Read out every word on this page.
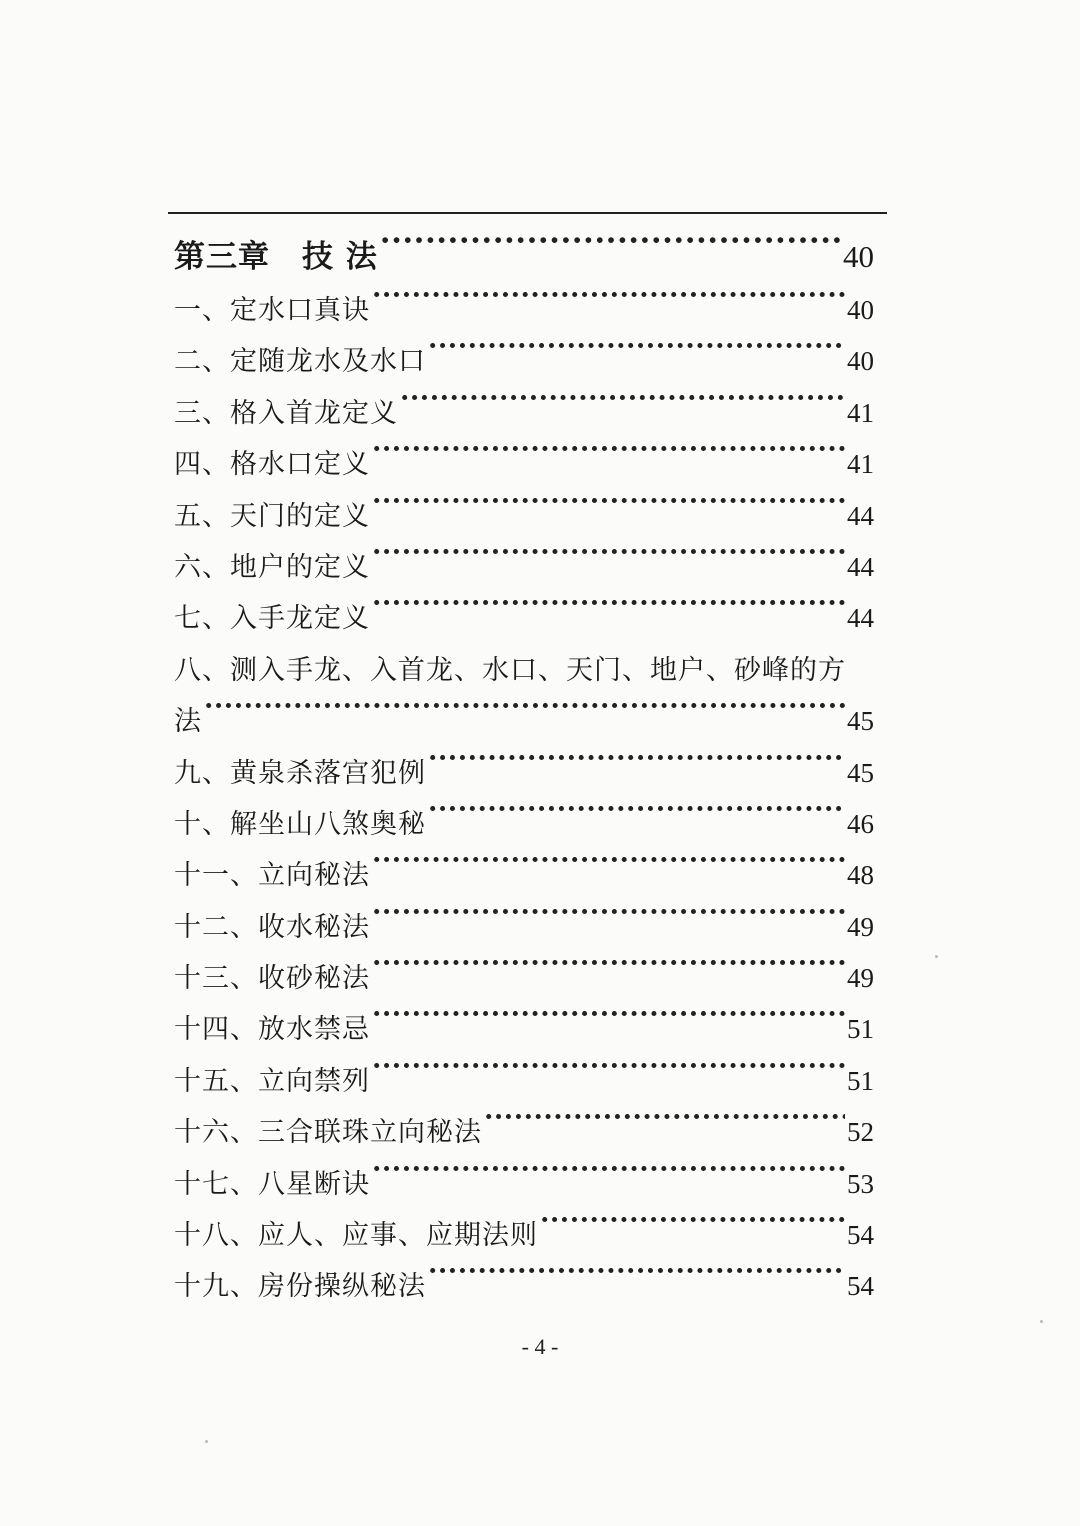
第三章　技 法 ·····	40
一、定水口真诀 ·····	40
二、定随龙水及水口 ·····	40
三、格入首龙定义 ·····	41
四、格水口定义 ·····	41
五、天门的定义 ·····	44
六、地户的定义 ·····	44
七、入手龙定义 ·····	44
八、测入手龙、入首龙、水口、天门、地户、砂峰的方
法 ·····	45
九、黄泉杀落宫犯例 ·····	45
十、解坐山八煞奥秘 ·····	46
十一、立向秘法 ·····	48
十二、收水秘法 ·····	49
十三、收砂秘法 ·····	49
十四、放水禁忌 ·····	51
十五、立向禁列 ·····	51
十六、三合联珠立向秘法 ·····	52
十七、八星断诀 ·····	53
十八、应人、应事、应期法则 ·····	54
十九、房份操纵秘法 ·····	54
- 4 -
